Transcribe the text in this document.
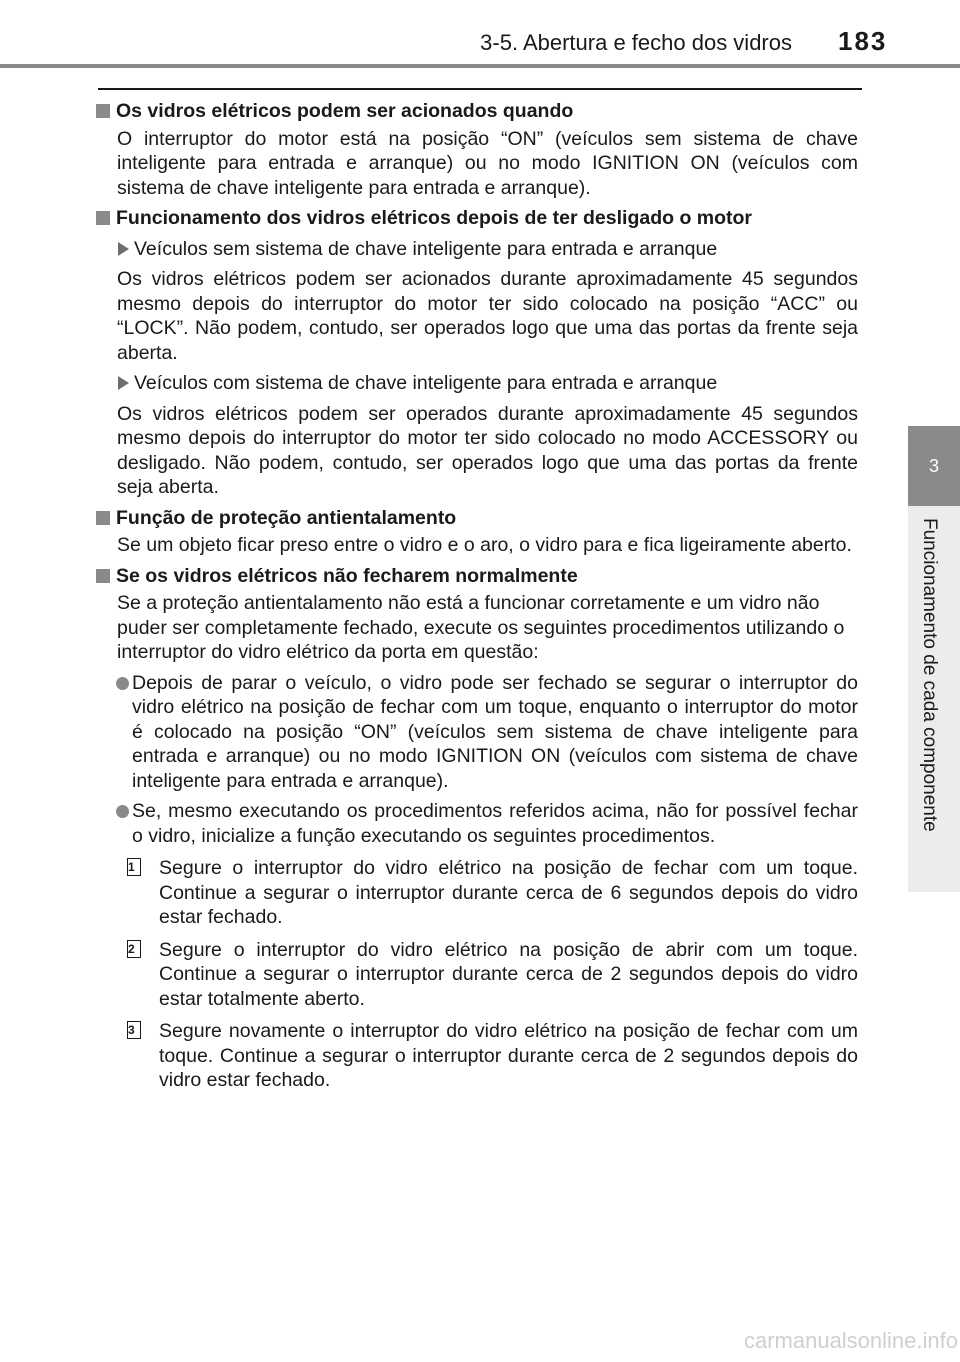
3-5. Abertura e fecho dos vidros 183
3
Funcionamento de cada componente
Os vidros elétricos podem ser acionados quando
O interruptor do motor está na posição “ON” (veículos sem sistema de chave inteligente para entrada e arranque) ou no modo IGNITION ON (veículos com sistema de chave inteligente para entrada e arranque).
Funcionamento dos vidros elétricos depois de ter desligado o motor
Veículos sem sistema de chave inteligente para entrada e arranque
Os vidros elétricos podem ser acionados durante aproximadamente 45 segundos mesmo depois do interruptor do motor ter sido colocado na posição “ACC” ou “LOCK”. Não podem, contudo, ser operados logo que uma das portas da frente seja aberta.
Veículos com sistema de chave inteligente para entrada e arranque
Os vidros elétricos podem ser operados durante aproximadamente 45 segundos mesmo depois do interruptor do motor ter sido colocado no modo ACCESSORY ou desligado. Não podem, contudo, ser operados logo que uma das portas da frente seja aberta.
Função de proteção antientalamento
Se um objeto ficar preso entre o vidro e o aro, o vidro para e fica ligeiramente aberto.
Se os vidros elétricos não fecharem normalmente
Se a proteção antientalamento não está a funcionar corretamente e um vidro não puder ser completamente fechado, execute os seguintes procedimentos utilizando o interruptor do vidro elétrico da porta em questão:
Depois de parar o veículo, o vidro pode ser fechado se segurar o interruptor do vidro elétrico na posição de fechar com um toque, enquanto o interruptor do motor é colocado na posição “ON” (veículos sem sistema de chave inteligente para entrada e arranque) ou no modo IGNITION ON (veículos com sistema de chave inteligente para entrada e arranque).
Se, mesmo executando os procedimentos referidos acima, não for possível fechar o vidro, inicialize a função executando os seguintes procedimentos.
1	Segure o interruptor do vidro elétrico na posição de fechar com um toque. Continue a segurar o interruptor durante cerca de 6 segundos depois do vidro estar fechado.
2	Segure o interruptor do vidro elétrico na posição de abrir com um toque. Continue a segurar o interruptor durante cerca de 2 segundos depois do vidro estar totalmente aberto.
3	Segure novamente o interruptor do vidro elétrico na posição de fechar com um toque. Continue a segurar o interruptor durante cerca de 2 segundos depois do vidro estar fechado.
carmanualsonline.info
